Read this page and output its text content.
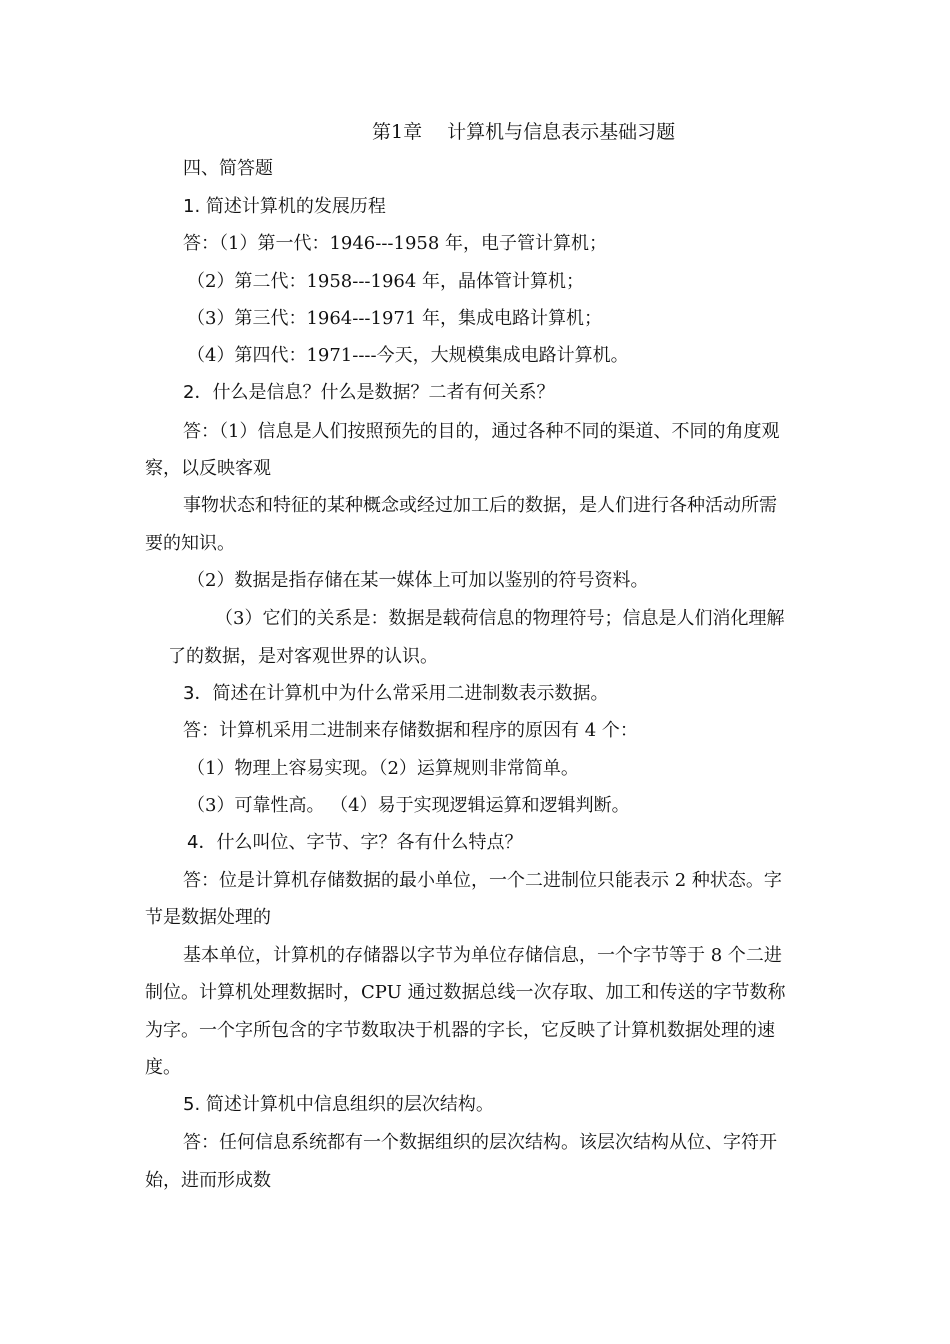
第1章　 计算机与信息表示基础习题
四、简答题
1. 简述计算机的发展历程
答：（1）第一代：1946---1958 年，电子管计算机；
（2）第二代：1958---1964 年，晶体管计算机；
（3）第三代：1964---1971 年，集成电路计算机；
（4）第四代：1971----今天，大规模集成电路计算机。
2．什么是信息？什么是数据？二者有何关系？
答：（1）信息是人们按照预先的目的，通过各种不同的渠道、不同的角度观
察，以反映客观
事物状态和特征的某种概念或经过加工后的数据，是人们进行各种活动所需
要的知识。
（2）数据是指存储在某一媒体上可加以鉴别的符号资料。
（3）它们的关系是：数据是载荷信息的物理符号；信息是人们消化理解
了的数据，是对客观世界的认识。
3．简述在计算机中为什么常采用二进制数表示数据。
答：计算机采用二进制来存储数据和程序的原因有 4 个：
（1）物理上容易实现。（2）运算规则非常简单。
（3）可靠性高。 （4）易于实现逻辑运算和逻辑判断。
4．什么叫位、字节、字？各有什么特点？
答：位是计算机存储数据的最小单位，一个二进制位只能表示 2 种状态。字
节是数据处理的
基本单位，计算机的存储器以字节为单位存储信息，一个字节等于 8 个二进
制位。计算机处理数据时，CPU 通过数据总线一次存取、加工和传送的字节数称
为字。一个字所包含的字节数取决于机器的字长，它反映了计算机数据处理的速
度。
5. 简述计算机中信息组织的层次结构。
答：任何信息系统都有一个数据组织的层次结构。该层次结构从位、字符开
始，进而形成数
